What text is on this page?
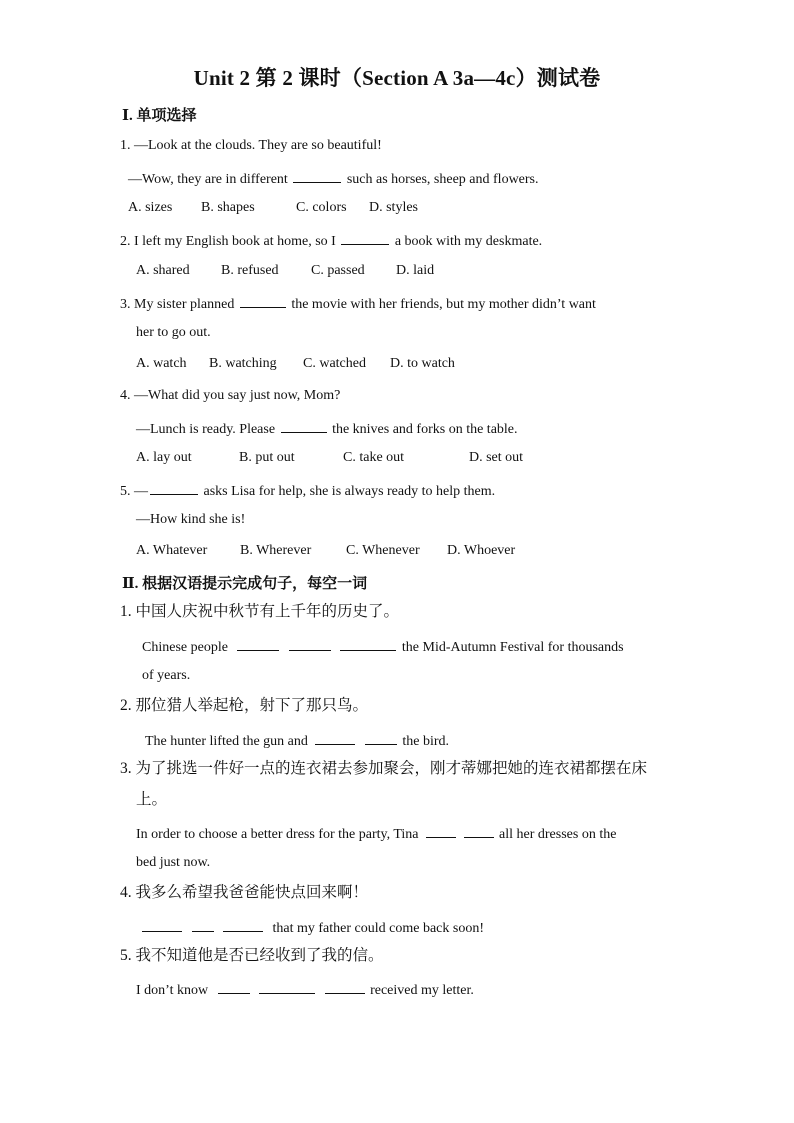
Unit 2 第 2 课时（Section A 3a—4c）测试卷
Ⅰ. 单项选择
1. —Look at the clouds. They are so beautiful!
—Wow, they are in different	such as horses, sheep and flowers.
A. sizes B. shapes	C. colors D. styles
2. I left my English book at home, so I	a book with my deskmate.
A. shared B. refused C. passed D. laid
3. My sister planned	the movie with her friends, but my mother didn’t want
her to go out.
A. watch B. watching C. watched D. to watch
4. —What did you say just now, Mom?
—Lunch is ready. Please	the knives and forks on the table.
A. lay out	B. put out	C. take out	D. set out
5. —	asks Lisa for help, she is always ready to help them.
—How kind she is!
A. Whatever B. Wherever C. Whenever D. Whoever
Ⅱ. 根据汉语提示完成句子，每空一词
1. 中国人庆祝中秋节有上千年的历史了。
Chinese people	the Mid-Autumn Festival for thousands
of years.
2. 那位猎人举起枪，射下了那只鸟。
The hunter lifted the gun and	the bird.
3. 为了挑选一件好一点的连衣裙去参加聚会，刚才蒂娜把她的连衣裙都摆在床
上。
In order to choose a better dress for the party, Tina	all her dresses on the
bed just now.
4. 我多么希望我爸爸能快点回来啊！
that my father could come back soon!
5. 我不知道他是否已经收到了我的信。
I don’t know	received my letter.
